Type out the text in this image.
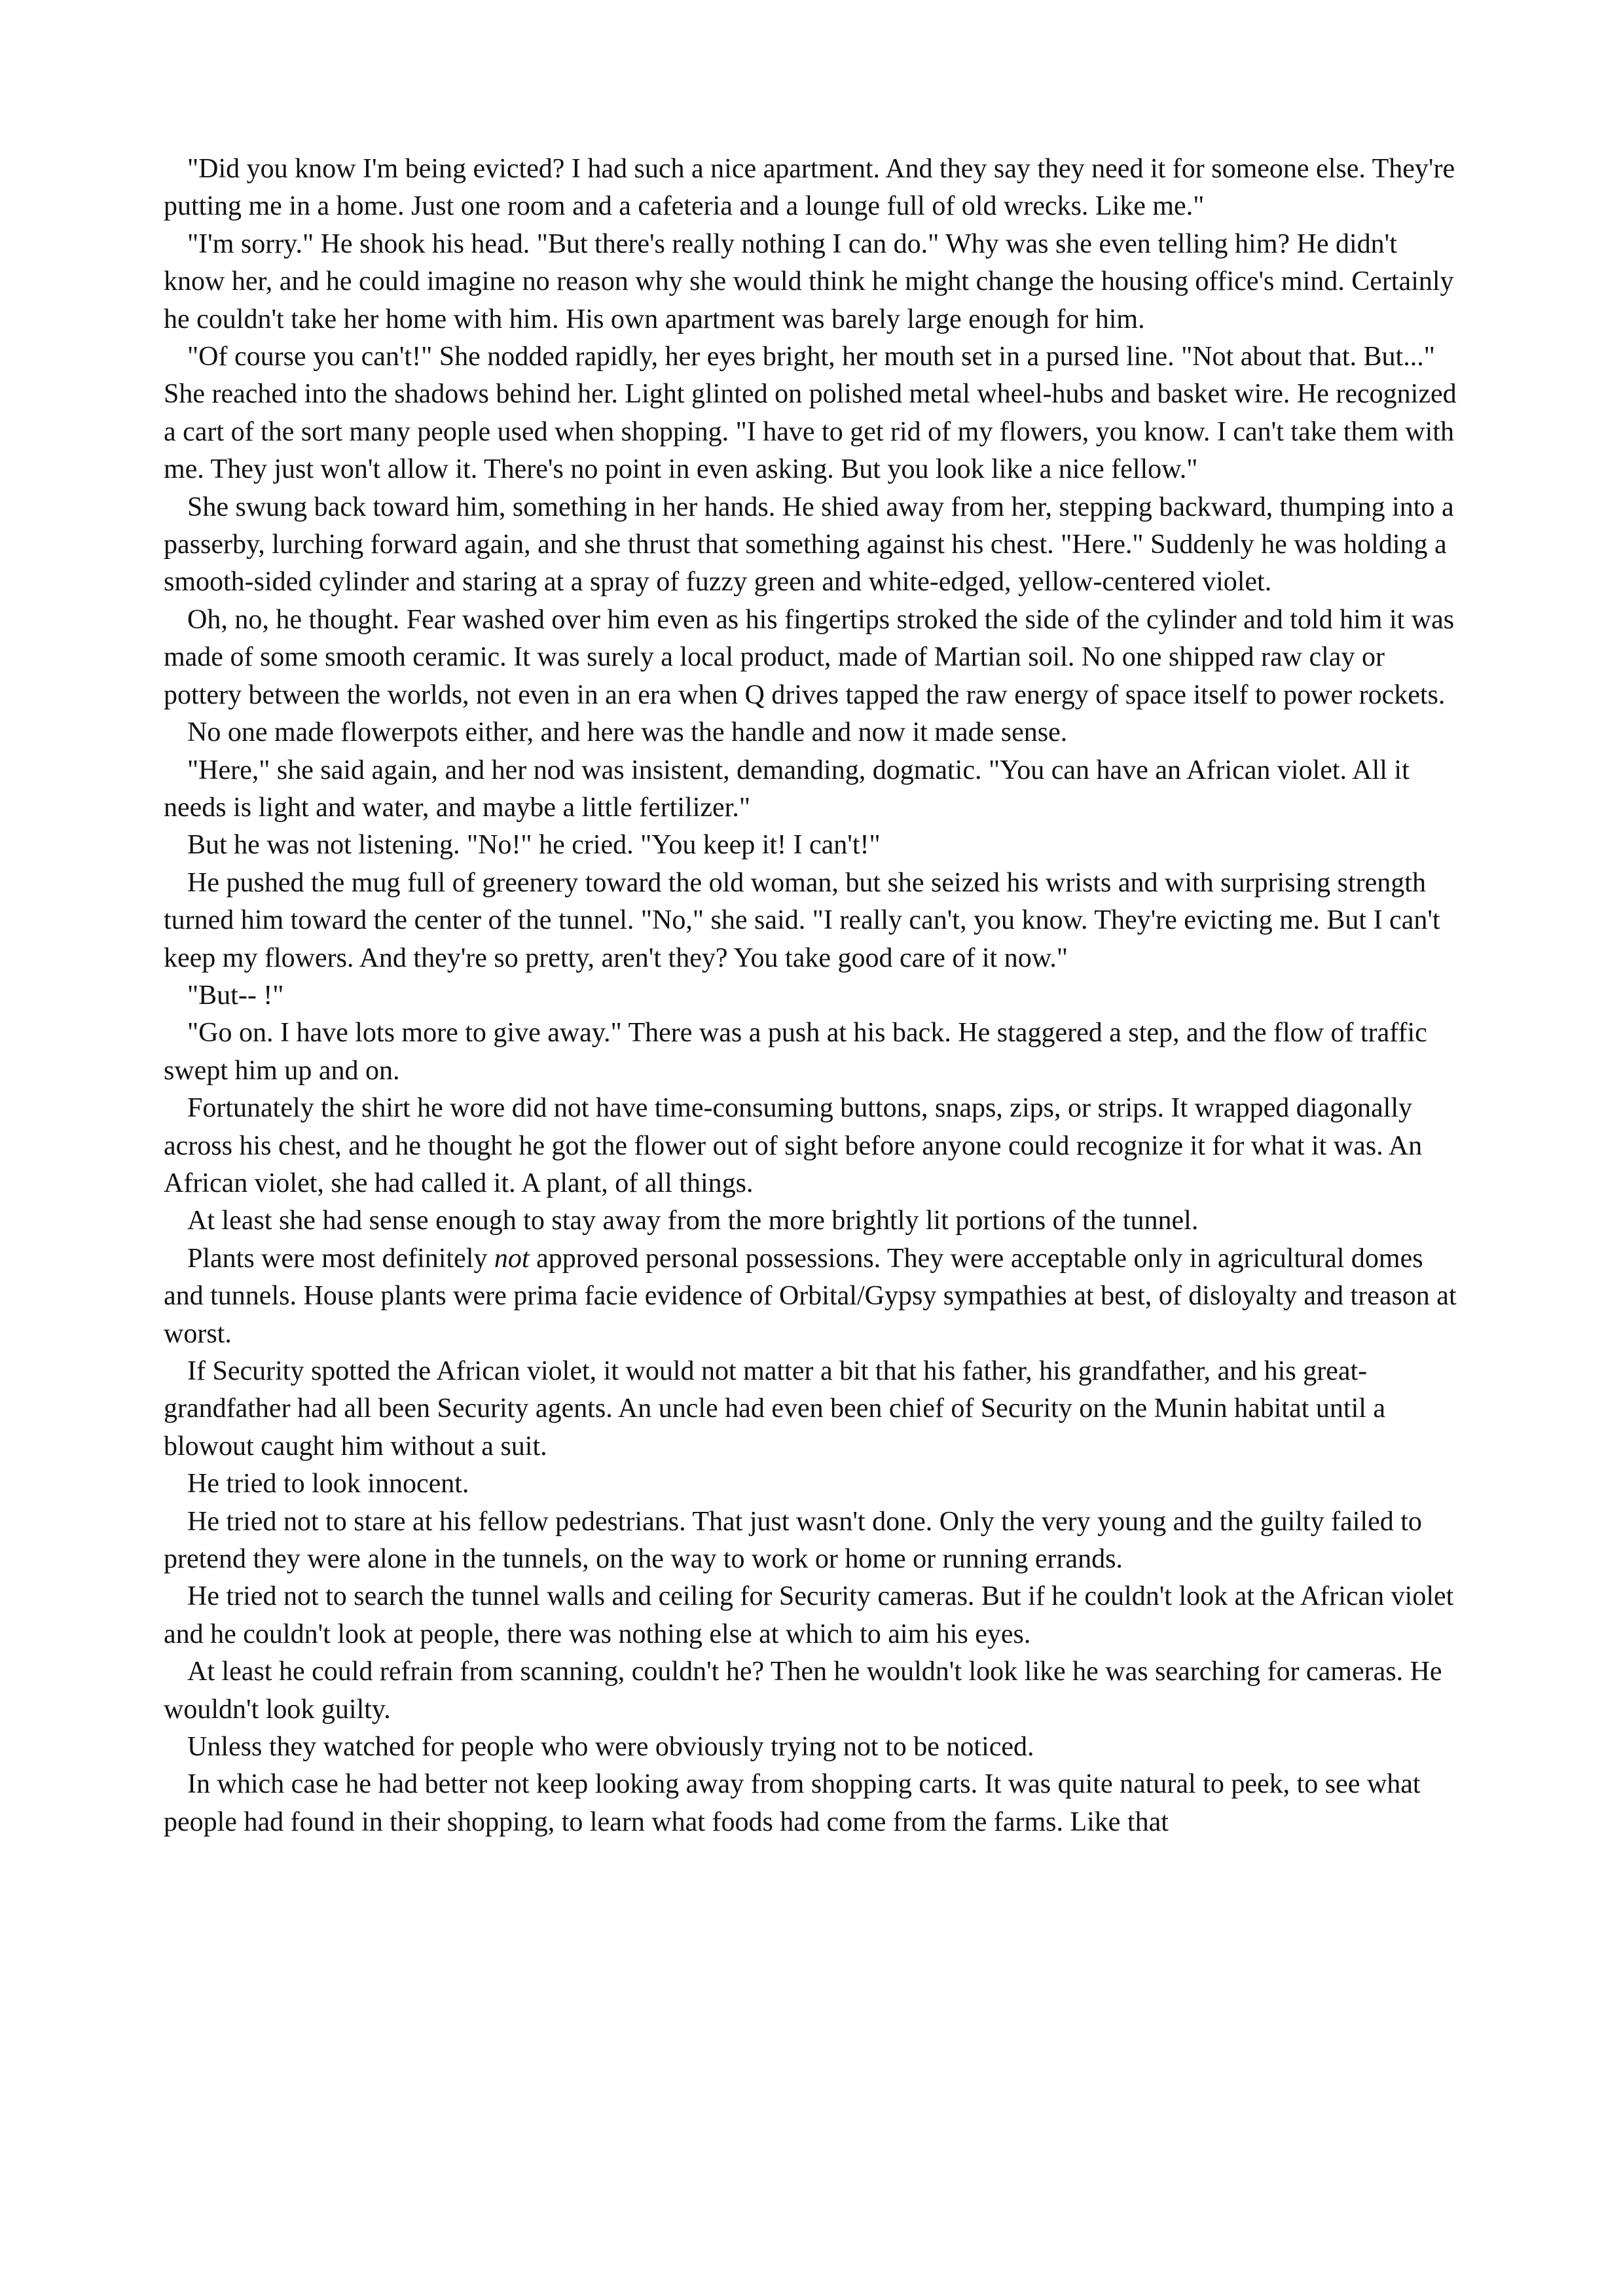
"Did you know I'm being evicted? I had such a nice apartment. And they say they need it for someone else. They're putting me in a home. Just one room and a cafeteria and a lounge full of old wrecks. Like me."

"I'm sorry." He shook his head. "But there's really nothing I can do." Why was she even telling him? He didn't know her, and he could imagine no reason why she would think he might change the housing office's mind. Certainly he couldn't take her home with him. His own apartment was barely large enough for him.

"Of course you can't!" She nodded rapidly, her eyes bright, her mouth set in a pursed line. "Not about that. But..." She reached into the shadows behind her. Light glinted on polished metal wheel-hubs and basket wire. He recognized a cart of the sort many people used when shopping. "I have to get rid of my flowers, you know. I can't take them with me. They just won't allow it. There's no point in even asking. But you look like a nice fellow."

She swung back toward him, something in her hands. He shied away from her, stepping backward, thumping into a passerby, lurching forward again, and she thrust that something against his chest. "Here." Suddenly he was holding a smooth-sided cylinder and staring at a spray of fuzzy green and white-edged, yellow-centered violet.

Oh, no, he thought. Fear washed over him even as his fingertips stroked the side of the cylinder and told him it was made of some smooth ceramic. It was surely a local product, made of Martian soil. No one shipped raw clay or pottery between the worlds, not even in an era when Q drives tapped the raw energy of space itself to power rockets.

No one made flowerpots either, and here was the handle and now it made sense.

"Here," she said again, and her nod was insistent, demanding, dogmatic. "You can have an African violet. All it needs is light and water, and maybe a little fertilizer."

But he was not listening. "No!" he cried. "You keep it! I can't!"

He pushed the mug full of greenery toward the old woman, but she seized his wrists and with surprising strength turned him toward the center of the tunnel. "No," she said. "I really can't, you know. They're evicting me. But I can't keep my flowers. And they're so pretty, aren't they? You take good care of it now."

"But-- !"

"Go on. I have lots more to give away." There was a push at his back. He staggered a step, and the flow of traffic swept him up and on.

Fortunately the shirt he wore did not have time-consuming buttons, snaps, zips, or strips. It wrapped diagonally across his chest, and he thought he got the flower out of sight before anyone could recognize it for what it was. An African violet, she had called it. A plant, of all things.

At least she had sense enough to stay away from the more brightly lit portions of the tunnel.

Plants were most definitely not approved personal possessions. They were acceptable only in agricultural domes and tunnels. House plants were prima facie evidence of Orbital/Gypsy sympathies at best, of disloyalty and treason at worst.

If Security spotted the African violet, it would not matter a bit that his father, his grandfather, and his great-grandfather had all been Security agents. An uncle had even been chief of Security on the Munin habitat until a blowout caught him without a suit.

He tried to look innocent.

He tried not to stare at his fellow pedestrians. That just wasn't done. Only the very young and the guilty failed to pretend they were alone in the tunnels, on the way to work or home or running errands.

He tried not to search the tunnel walls and ceiling for Security cameras. But if he couldn't look at the African violet and he couldn't look at people, there was nothing else at which to aim his eyes.

At least he could refrain from scanning, couldn't he? Then he wouldn't look like he was searching for cameras. He wouldn't look guilty.

Unless they watched for people who were obviously trying not to be noticed.

In which case he had better not keep looking away from shopping carts. It was quite natural to peek, to see what people had found in their shopping, to learn what foods had come from the farms. Like that
